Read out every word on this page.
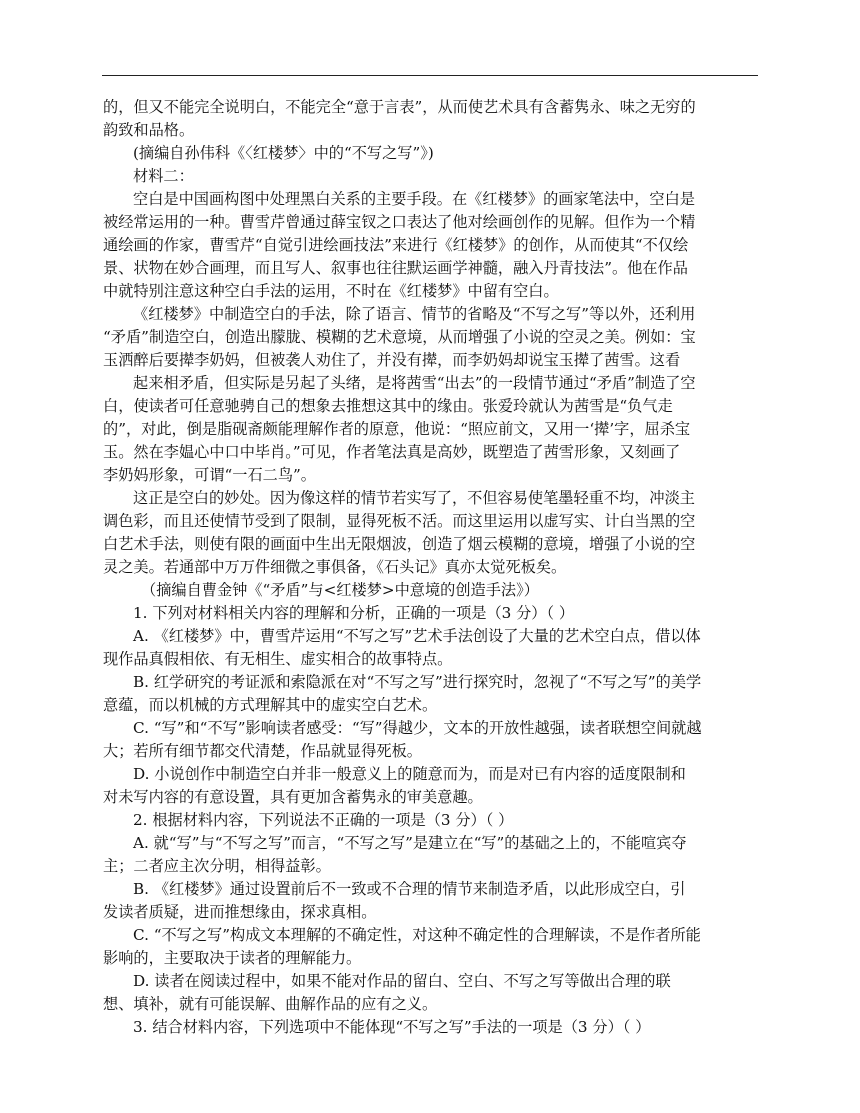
的，但又不能完全说明白，不能完全“意于言表”，从而使艺术具有含蓄隽永、味之无穷的

韵致和品格。

(摘编自孙伟科《〈红楼梦〉中的“不写之写”》)

材料二：

空白是中国画构图中处理黑白关系的主要手段。在《红楼梦》的画家笔法中，空白是

被经常运用的一种。曹雪芹曾通过薛宝钗之口表达了他对绘画创作的见解。但作为一个精

通绘画的作家，曹雪芹“自觉引进绘画技法”来进行《红楼梦》的创作，从而使其“不仅绘

景、状物在妙合画理，而且写人、叙事也往往默运画学神髓，融入丹青技法”。他在作品

中就特别注意这种空白手法的运用，不时在《红楼梦》中留有空白。

《红楼梦》中制造空白的手法，除了语言、情节的省略及“不写之写”等以外，还利用

“矛盾”制造空白，创造出朦胧、模糊的艺术意境，从而增强了小说的空灵之美。例如：宝

玉洒醉后要撵李奶妈，但被袭人劝住了，并没有撵，而李奶妈却说宝玉撵了茜雪。这看

起来相矛盾，但实际是另起了头绪，是将茜雪“出去”的一段情节通过“矛盾”制造了空

白，使读者可任意驰骋自己的想象去推想这其中的缘由。张爱玲就认为茜雪是“负气走

的”，对此，倒是脂砚斋颇能理解作者的原意，他说：“照应前文，又用一‘撵’字，屈杀宝

玉。然在李媪心中口中毕肖。”可见，作者笔法真是高妙，既塑造了茜雪形象，又刻画了

李奶妈形象，可谓“一石二鸟”。

这正是空白的妙处。因为像这样的情节若实写了，不但容易使笔墨轻重不均，冲淡主

调色彩，而且还使情节受到了限制，显得死板不活。而这里运用以虚写实、计白当黑的空

白艺术手法，则使有限的画面中生出无限烟波，创造了烟云模糊的意境，增强了小说的空

灵之美。若通部中万万件细微之事俱备，《石头记》真亦太觉死板矣。

（摘编自曹金钟《“矛盾”与<红楼梦>中意境的创造手法》）

1. 下列对材料相关内容的理解和分析，正确的一项是（3 分）（ ）

A. 《红楼梦》中，曹雪芹运用“不写之写”艺术手法创设了大量的艺术空白点，借以体

现作品真假相依、有无相生、虚实相合的故事特点。

B. 红学研究的考证派和索隐派在对“不写之写”进行探究时，忽视了“不写之写”的美学

意蕴，而以机械的方式理解其中的虚实空白艺术。

C. “写”和“不写”影响读者感受：“写”得越少，文本的开放性越强，读者联想空间就越

大；若所有细节都交代清楚，作品就显得死板。

D. 小说创作中制造空白并非一般意义上的随意而为，而是对已有内容的适度限制和

对未写内容的有意设置，具有更加含蓄隽永的审美意趣。

2. 根据材料内容，下列说法不正确的一项是（3 分）（ ）

A. 就“写”与“不写之写”而言，“不写之写”是建立在“写”的基础之上的，不能喧宾夺

主；二者应主次分明，相得益彰。

B. 《红楼梦》通过设置前后不一致或不合理的情节来制造矛盾，以此形成空白，引

发读者质疑，进而推想缘由，探求真相。

C. “不写之写”构成文本理解的不确定性，对这种不确定性的合理解读，不是作者所能

影响的，主要取决于读者的理解能力。

D. 读者在阅读过程中，如果不能对作品的留白、空白、不写之写等做出合理的联

想、填补，就有可能误解、曲解作品的应有之义。

3. 结合材料内容，下列选项中不能体现“不写之写”手法的一项是（3 分）（ ）
